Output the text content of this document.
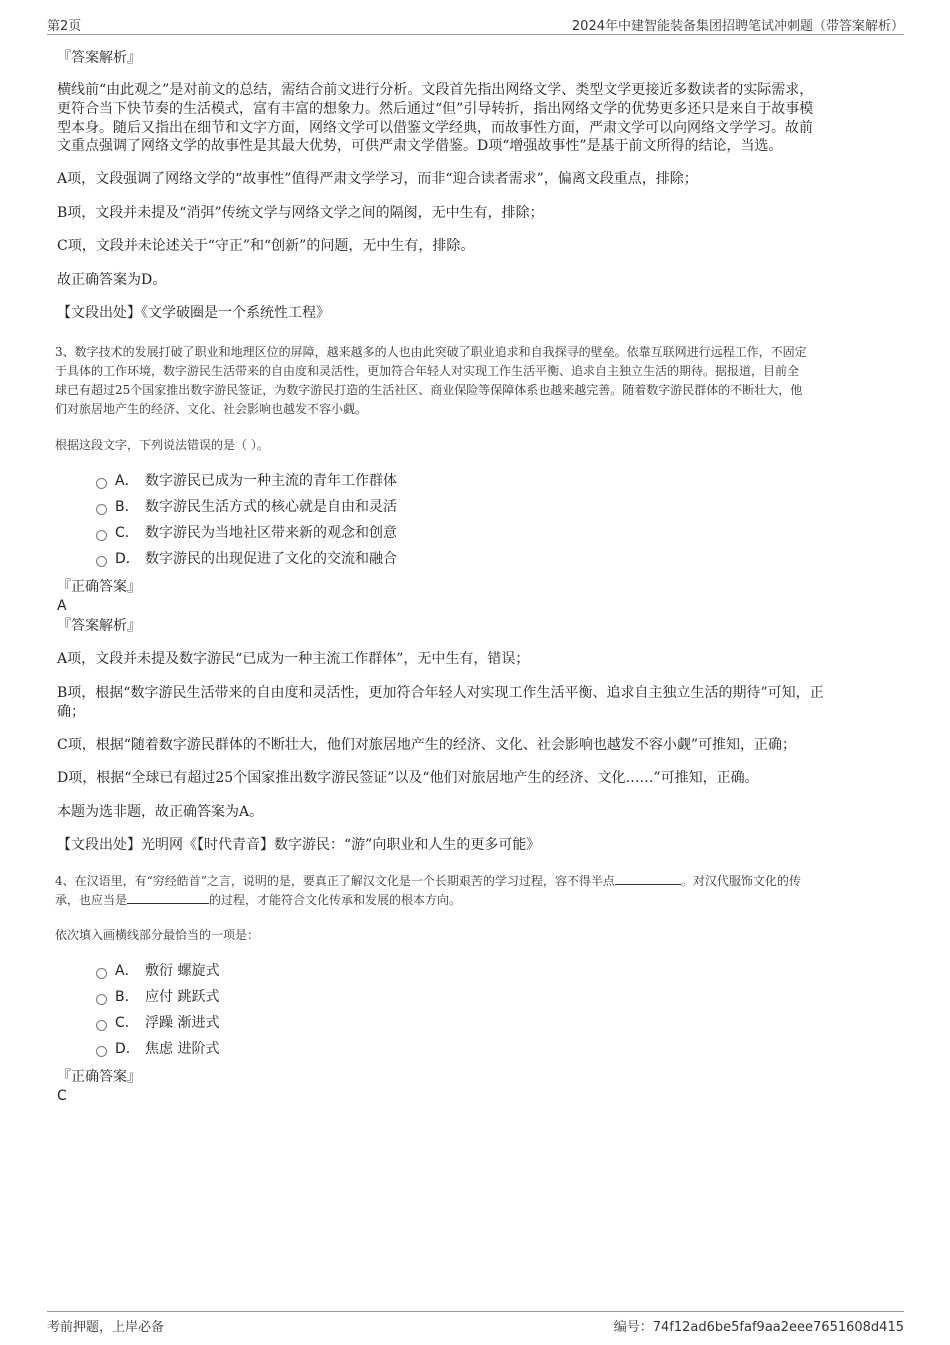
第2页	2024年中建智能装备集团招聘笔试冲刺题（带答案解析）
『答案解析』
横线前“由此观之”是对前文的总结，需结合前文进行分析。文段首先指出网络文学、类型文学更接近多数读者的实际需求，
更符合当下快节奏的生活模式，富有丰富的想象力。然后通过“但”引导转折，指出网络文学的优势更多还只是来自于故事模
型本身。随后又指出在细节和文字方面，网络文学可以借鉴文学经典，而故事性方面，严肃文学可以向网络文学学习。故前
文重点强调了网络文学的故事性是其最大优势，可供严肃文学借鉴。D项“增强故事性”是基于前文所得的结论，当选。
A项，文段强调了网络文学的“故事性”值得严肃文学学习，而非“迎合读者需求”，偏离文段重点，排除；
B项，文段并未提及“消弭”传统文学与网络文学之间的隔阂，无中生有，排除；
C项，文段并未论述关于“守正”和“创新”的问题，无中生有，排除。
故正确答案为D。
【文段出处】《文学破圈是一个系统性工程》
3、数字技术的发展打破了职业和地理区位的屏障，越来越多的人也由此突破了职业追求和自我探寻的壁垒。依靠互联网进行远程工作，不固定
于具体的工作环境，数字游民生活带来的自由度和灵活性，更加符合年轻人对实现工作生活平衡、追求自主独立生活的期待。据报道，目前全
球已有超过25个国家推出数字游民签证，为数字游民打造的生活社区、商业保险等保障体系也越来越完善。随着数字游民群体的不断壮大，他
们对旅居地产生的经济、文化、社会影响也越发不容小觑。
根据这段文字，下列说法错误的是（ ）。
A． 数字游民已成为一种主流的青年工作群体
B． 数字游民生活方式的核心就是自由和灵活
C． 数字游民为当地社区带来新的观念和创意
D． 数字游民的出现促进了文化的交流和融合
『正确答案』
A
『答案解析』
A项，文段并未提及数字游民“已成为一种主流工作群体”，无中生有，错误；
B项，根据“数字游民生活带来的自由度和灵活性，更加符合年轻人对实现工作生活平衡、追求自主独立生活的期待”可知，正
确；
C项，根据“随着数字游民群体的不断壮大，他们对旅居地产生的经济、文化、社会影响也越发不容小觑”可推知，正确；
D项，根据“全球已有超过25个国家推出数字游民签证”以及“他们对旅居地产生的经济、文化……”可推知，正确。
本题为选非题，故正确答案为A。
【文段出处】光明网《【时代青音】数字游民：“游”向职业和人生的更多可能》
4、在汉语里，有“穷经皓首”之言，说明的是，要真正了解汉文化是一个长期艰苦的学习过程，容不得半点	。对汉代服饰文化的传
承，也应当是	的过程，才能符合文化传承和发展的根本方向。
依次填入画横线部分最恰当的一项是：
A． 敷衍 螺旋式
B． 应付 跳跃式
C． 浮躁 渐进式
D． 焦虑 进阶式
『正确答案』
C
考前押题，上岸必备	编号：74f12ad6be5faf9aa2eee7651608d415
